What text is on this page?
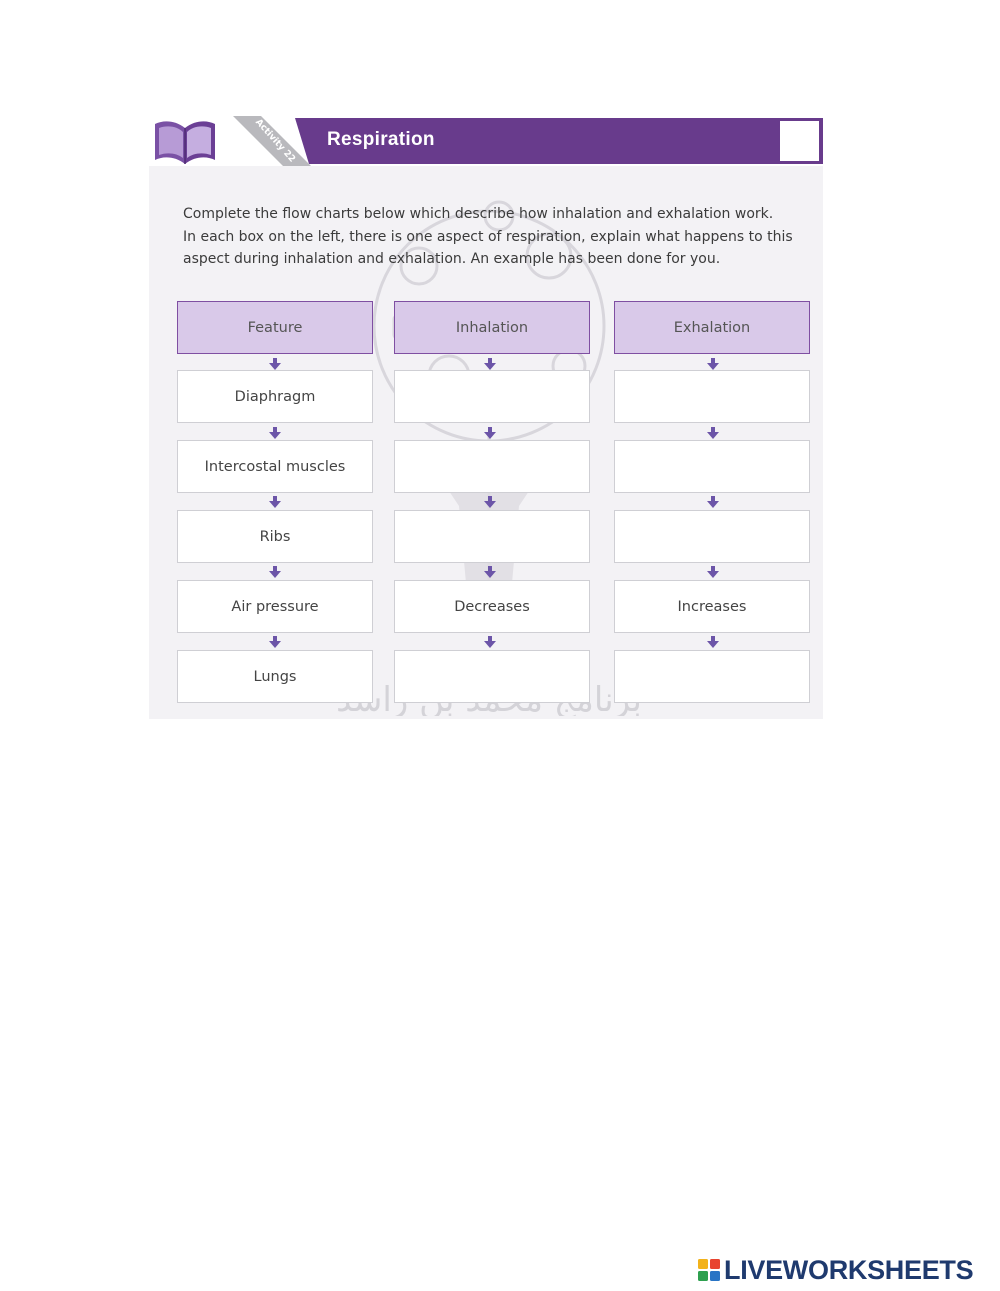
Activity 22	Respiration
برنامج

Complete the flow charts below which describe how inhalation and exhalation work.

In each box on the left, there is one aspect of respiration, explain what happens to this aspect during inhalation and exhalation. An example has been done for you.

Feature	Inhalation	Exhalation
Diaphragm
Intercostal muscles
Ribs
Air pressure	Decreases	Increases
Lungs
LIVEWORKSHEETS
